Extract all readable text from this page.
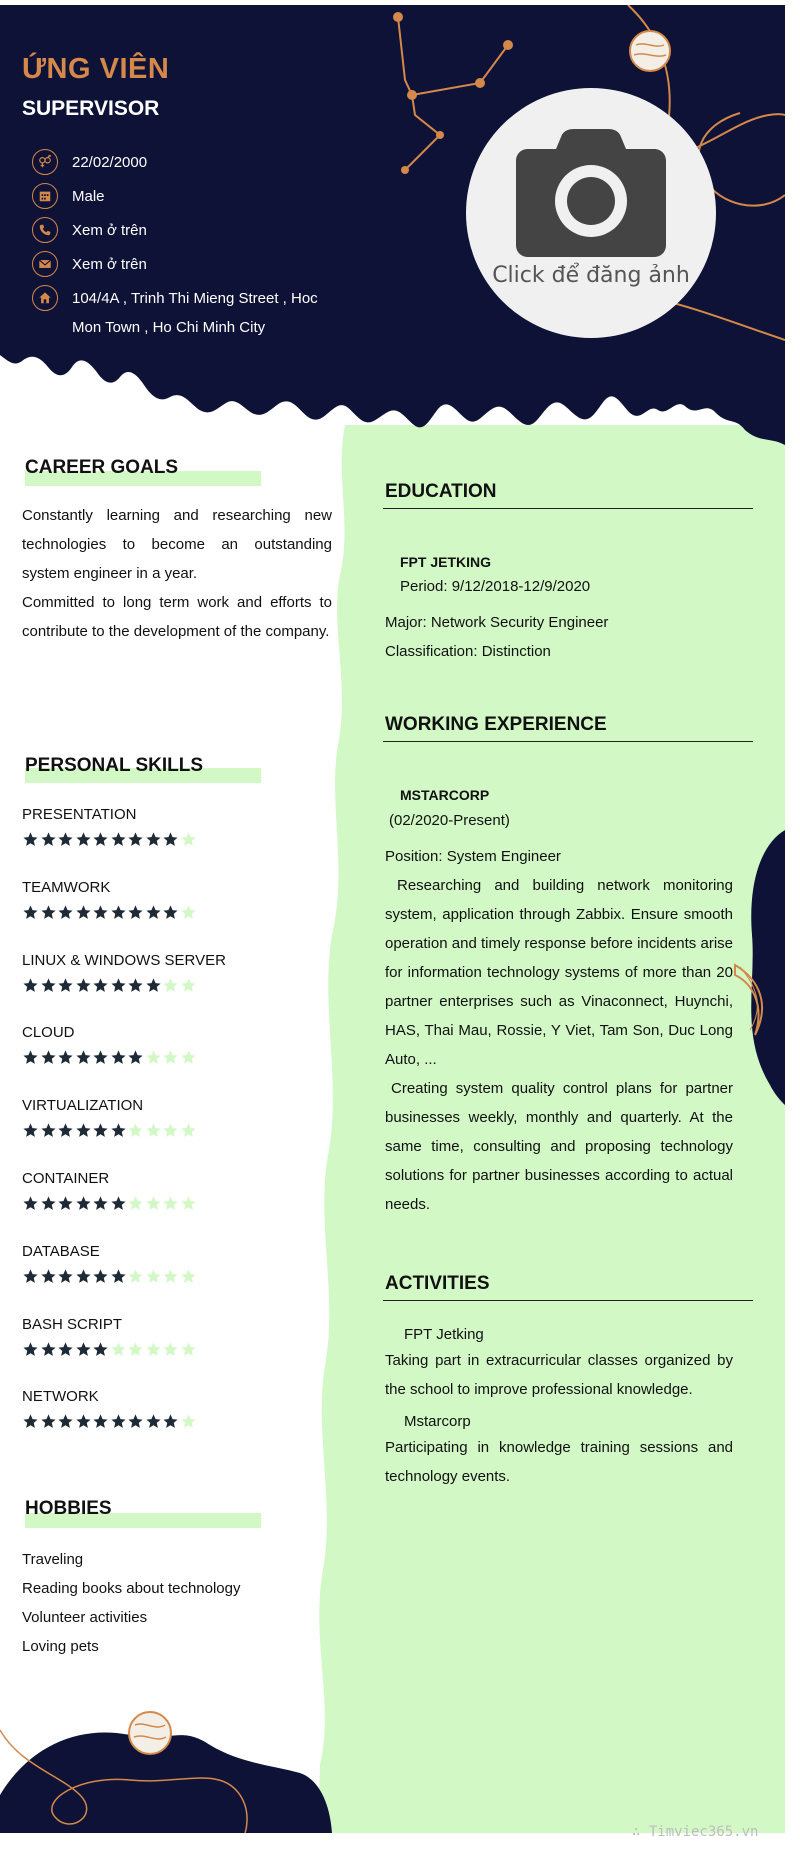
ỨNG VIÊN
SUPERVISOR
22/02/2000
Male
Xem ở trên
Xem ở trên
104/4A , Trinh Thi Mieng Street , Hoc Mon Town , Ho Chi Minh City
Click để đăng ảnh
CAREER GOALS
Constantly learning and researching new technologies to become an outstanding system engineer in a year.
Committed to long term work and efforts to contribute to the development of the company.
PERSONAL SKILLS
PRESENTATION
TEAMWORK
LINUX & WINDOWS SERVER
CLOUD
VIRTUALIZATION
CONTAINER
DATABASE
BASH SCRIPT
NETWORK
HOBBIES
Traveling
Reading books about technology
Volunteer activities
Loving pets
EDUCATION
FPT JETKING
Period: 9/12/2018-12/9/2020
Major: Network Security Engineer
Classification: Distinction
WORKING EXPERIENCE
MSTARCORP
(02/2020-Present)
Position: System Engineer
Researching and building network monitoring system, application through Zabbix. Ensure smooth operation and timely response before incidents arise for information technology systems of more than 20 partner enterprises such as Vinaconnect, Huynchi, HAS, Thai Mau, Rossie, Y Viet, Tam Son, Duc Long Auto, ...
Creating system quality control plans for partner businesses weekly, monthly and quarterly. At the same time, consulting and proposing technology solutions for partner businesses according to actual needs.
ACTIVITIES
FPT Jetking
Taking part in extracurricular classes organized by the school to improve professional knowledge.
Mstarcorp
Participating in knowledge training sessions and technology events.
∴ Timviec365.vn
